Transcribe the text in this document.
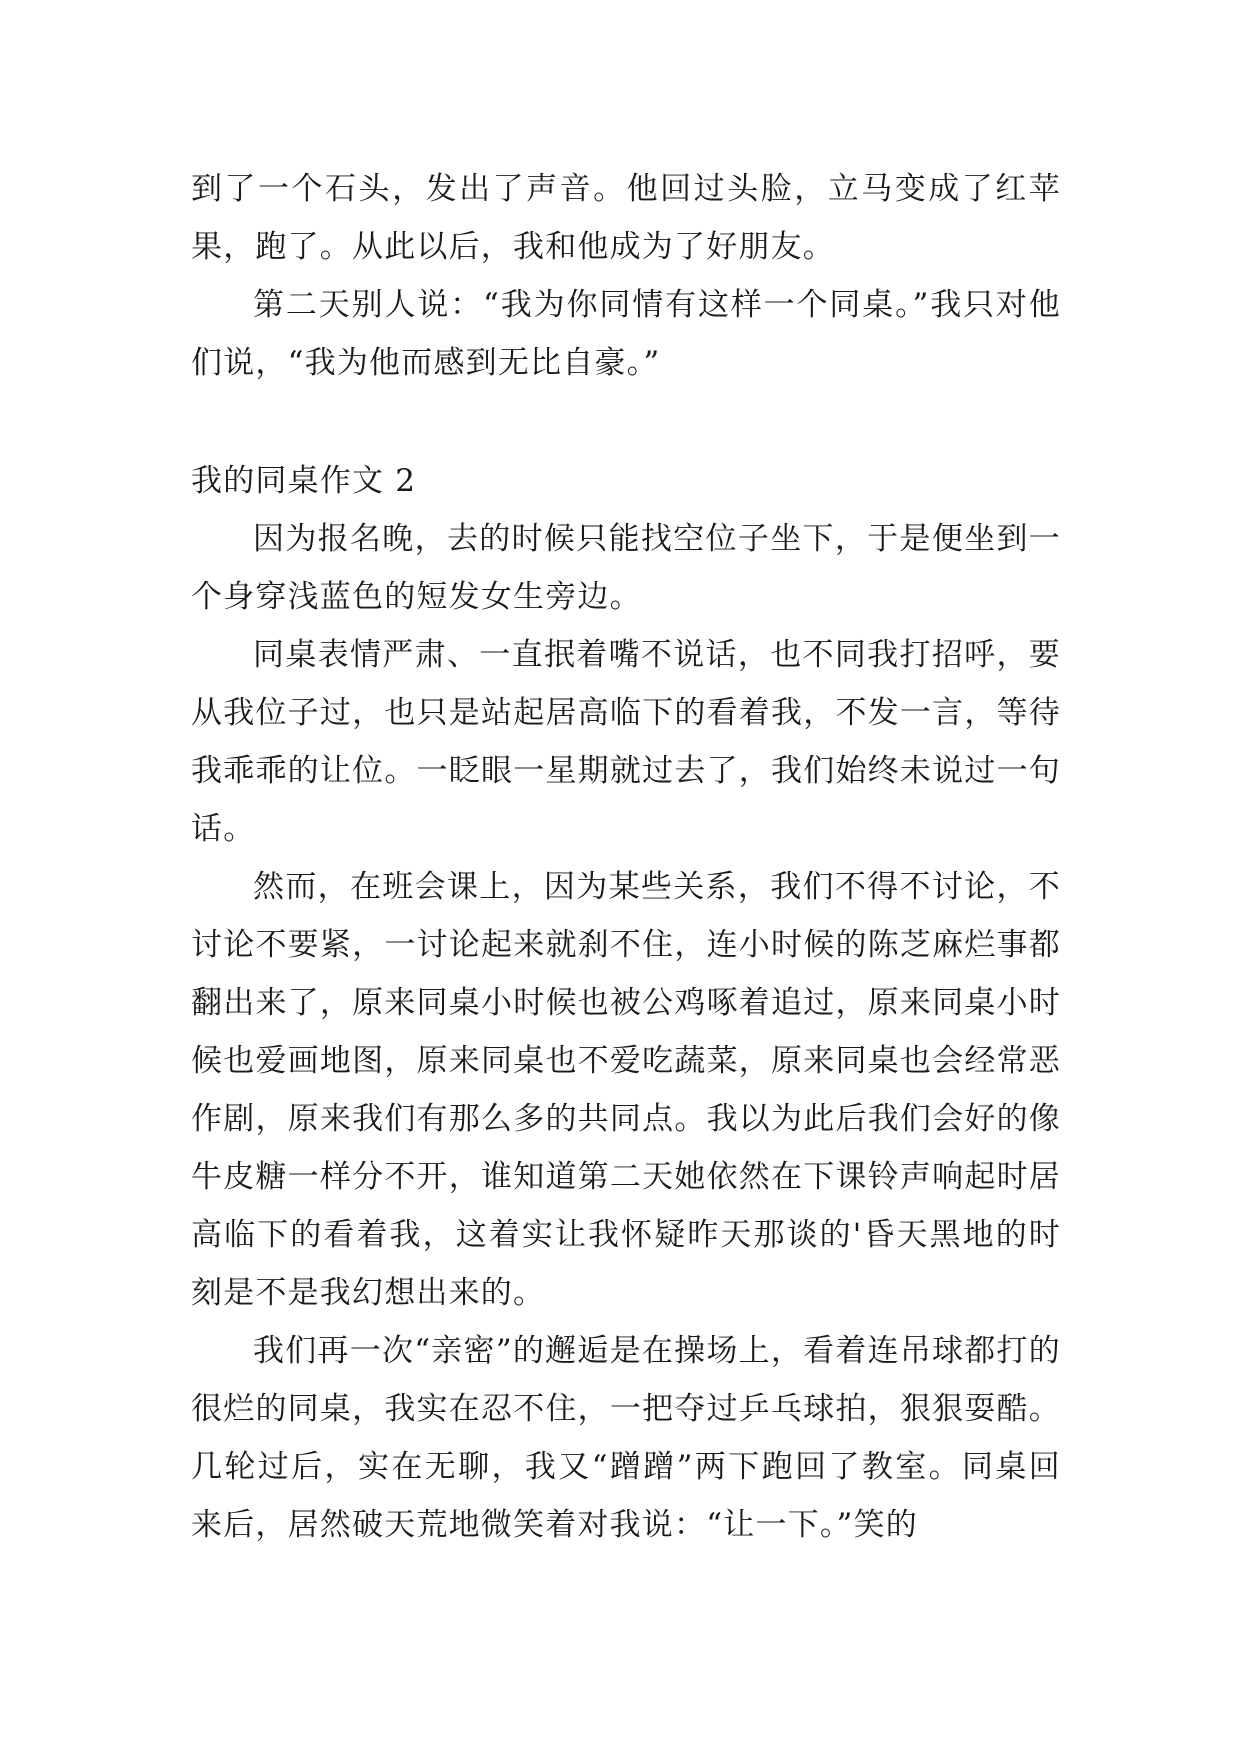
到了一个石头，发出了声音。他回过头脸，立马变成了红苹果，跑了。从此以后，我和他成为了好朋友。

第二天别人说：“我为你同情有这样一个同桌。”我只对他们说，“我为他而感到无比自豪。”

我的同桌作文 2

因为报名晚，去的时候只能找空位子坐下，于是便坐到一个身穿浅蓝色的短发女生旁边。

同桌表情严肃、一直抿着嘴不说话，也不同我打招呼，要从我位子过，也只是站起居高临下的看着我，不发一言，等待我乖乖的让位。一眨眼一星期就过去了，我们始终未说过一句话。

然而，在班会课上，因为某些关系，我们不得不讨论，不讨论不要紧，一讨论起来就刹不住，连小时候的陈芝麻烂事都翻出来了，原来同桌小时候也被公鸡啄着追过，原来同桌小时候也爱画地图，原来同桌也不爱吃蔬菜，原来同桌也会经常恶作剧，原来我们有那么多的共同点。我以为此后我们会好的像牛皮糖一样分不开，谁知道第二天她依然在下课铃声响起时居高临下的看着我，这着实让我怀疑昨天那谈的'昏天黑地的时刻是不是我幻想出来的。

我们再一次“亲密”的邂逅是在操场上，看着连吊球都打的很烂的同桌，我实在忍不住，一把夺过乒乓球拍，狠狠耍酷。几轮过后，实在无聊，我又“蹭蹭”两下跑回了教室。同桌回来后，居然破天荒地微笑着对我说：“让一下。”笑的
